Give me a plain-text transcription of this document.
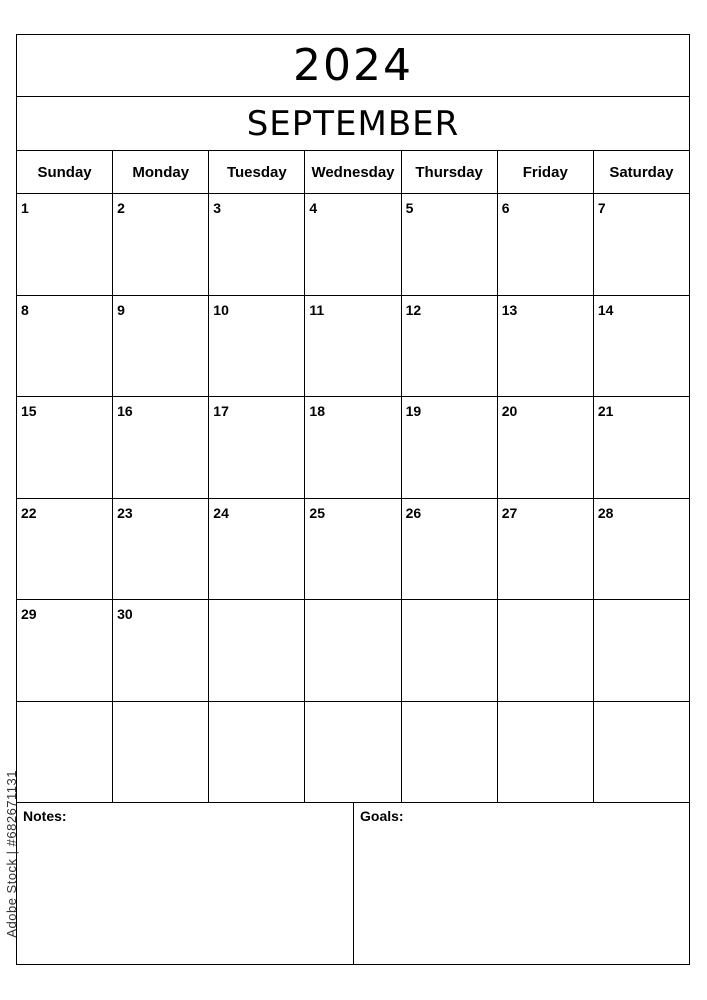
2024
SEPTEMBER
Sunday	Monday	Tuesday	Wednesday	Thursday	Friday	Saturday
1	2	3	4	5	6	7
8	9	10	11	12	13	14
15	16	17	18	19	20	21
22	23	24	25	26	27	28
29	30
Notes:	Goals:
Adobe Stock | #682671131
